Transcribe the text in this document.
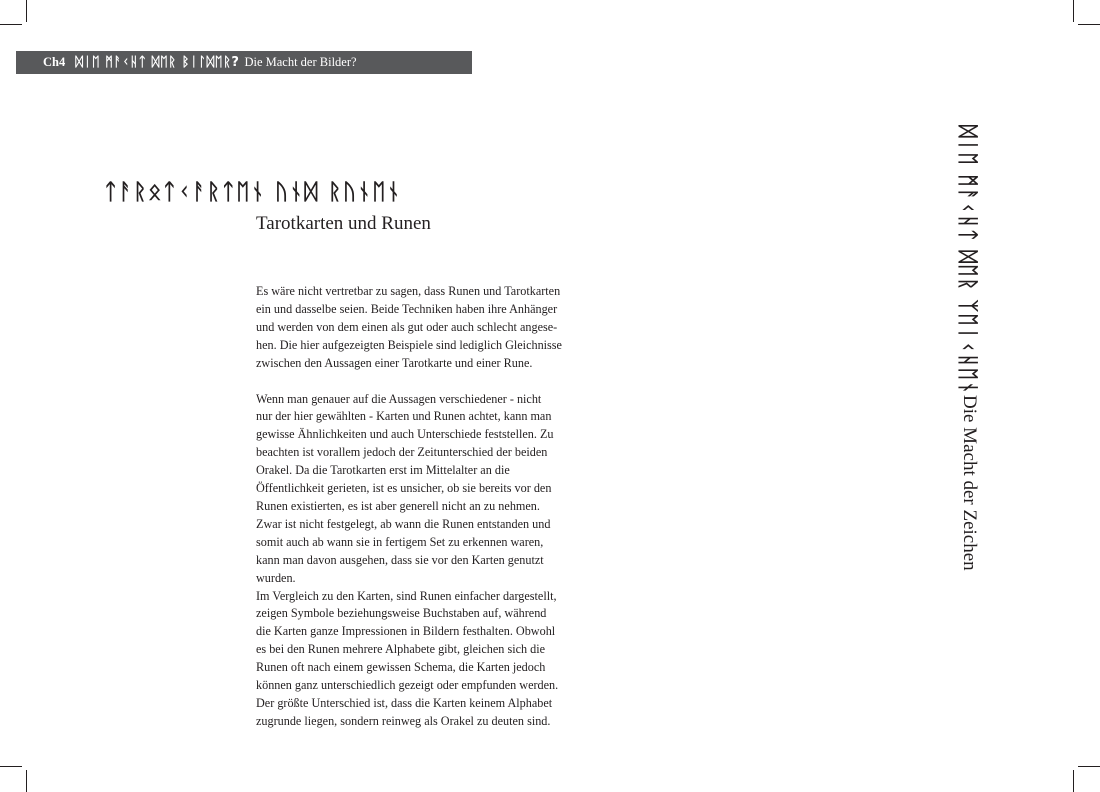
Ch4 ᛞᛁᛖ ᛗᚨᚲᚺᛏ ᛞᛖᚱ ᛒᛁᛚᛞᛖᚱ? Die Macht der Bilder?
ᛏᚨᚱᛟᛏᚲᚨᚱᛏᛖᚾ ᚢᚾᛞ ᚱᚢᚾᛖᚾ
Tarotkarten und Runen

Es wäre nicht vertretbar zu sagen, dass Runen und Tarotkarten
ein und dasselbe seien. Beide Techniken haben ihre Anhänger
und werden von dem einen als gut oder auch schlecht angese-
hen. Die hier aufgezeigten Beispiele sind lediglich Gleichnisse
zwischen den Aussagen einer Tarotkarte und einer Rune.

Wenn man genauer auf die Aussagen verschiedener - nicht
nur der hier gewählten - Karten und Runen achtet, kann man
gewisse Ähnlichkeiten und auch Unterschiede feststellen. Zu
beachten ist vorallem jedoch der Zeitunterschied der beiden
Orakel. Da die Tarotkarten erst im Mittelalter an die
Öffentlichkeit gerieten, ist es unsicher, ob sie bereits vor den
Runen existierten, es ist aber generell nicht an zu nehmen.
Zwar ist nicht festgelegt, ab wann die Runen entstanden und
somit auch ab wann sie in fertigem Set zu erkennen waren,
kann man davon ausgehen, dass sie vor den Karten genutzt
wurden.

Im Vergleich zu den Karten, sind Runen einfacher dargestellt,
zeigen Symbole beziehungsweise Buchstaben auf, während
die Karten ganze Impressionen in Bildern festhalten. Obwohl
es bei den Runen mehrere Alphabete gibt, gleichen sich die
Runen oft nach einem gewissen Schema, die Karten jedoch
können ganz unterschiedlich gezeigt oder empfunden werden.
Der größte Unterschied ist, dass die Karten keinem Alphabet
zugrunde liegen, sondern reinweg als Orakel zu deuten sind.

ᛞᛁᛖ ᛗᚨᚲᚺᛏ ᛞᛖᚱ ᛉᛖᛁᚲᚺᛖᚾ
Die Macht der Zeichen
